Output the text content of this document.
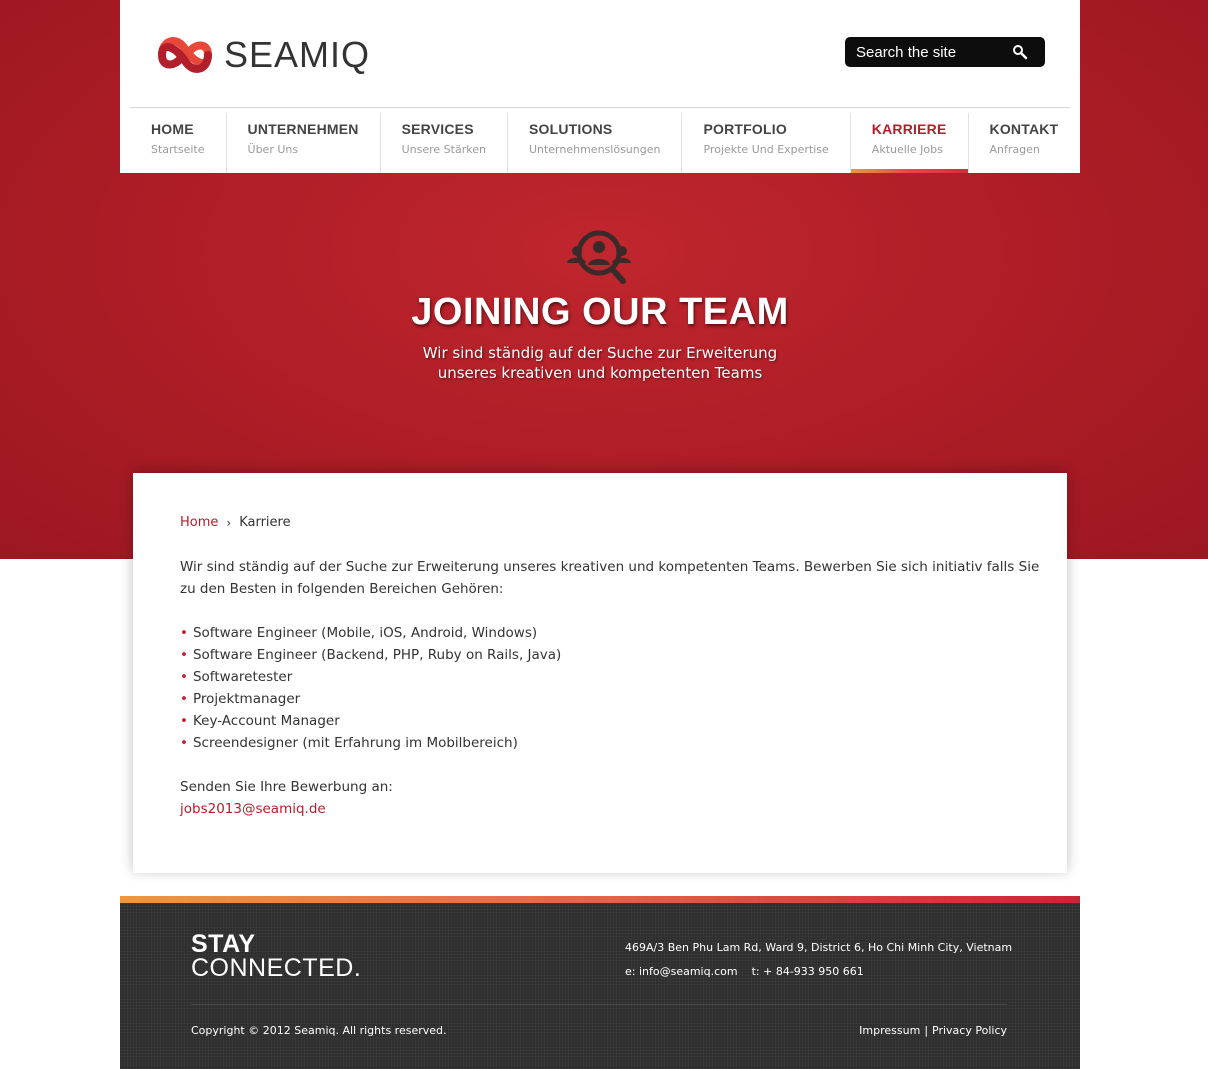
SEAMIQ
Search the site
HOME
Startseite
UNTERNEHMEN
Über Uns
SERVICES
Unsere Stärken
SOLUTIONS
Unternehmenslösungen
PORTFOLIO
Projekte Und Expertise
KARRIERE
Aktuelle Jobs
KONTAKT
Anfragen
JOINING OUR TEAM
Wir sind ständig auf der Suche zur Erweiterung
unseres kreativen und kompetenten Teams
Home › Karriere

Wir sind ständig auf der Suche zur Erweiterung unseres kreativen und kompetenten Teams. Bewerben Sie sich initiativ falls Sie zu den Besten in folgenden Bereichen Gehören:

• Software Engineer (Mobile, iOS, Android, Windows)
• Software Engineer (Backend, PHP, Ruby on Rails, Java)
• Softwaretester
• Projektmanager
• Key-Account Manager
• Screendesigner (mit Erfahrung im Mobilbereich)

Senden Sie Ihre Bewerbung an:

jobs2013@seamiq.de
STAY
CONNECTED.
469A/3 Ben Phu Lam Rd, Ward 9, District 6, Ho Chi Minh City, Vietnam
e: info@seamiq.com t: + 84-933 950 661
Copyright © 2012 Seamiq. All rights reserved.	Impressum | Privacy Policy
